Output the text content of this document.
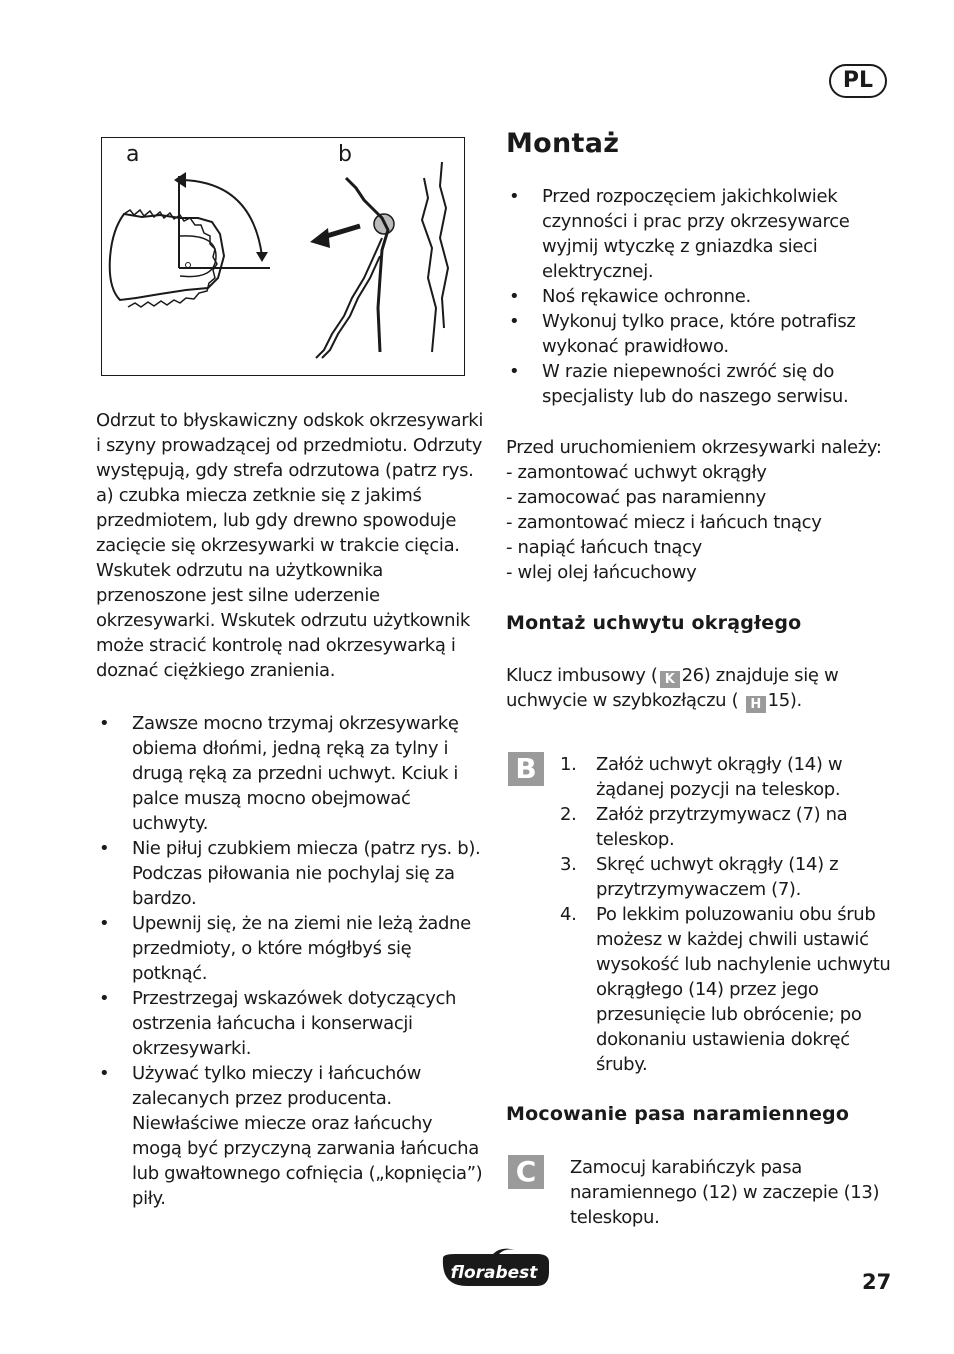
PL
a	b

Odrzut to błyskawiczny odskok okrzesywarki i szyny prowadzącej od przedmiotu. Odrzuty występują, gdy strefa odrzutowa (patrz rys. a) czubka miecza zetknie się z jakimś przedmiotem, lub gdy drewno spowoduje zacięcie się okrzesywarki w trakcie cięcia. Wskutek odrzutu na użytkownika przenoszone jest silne uderzenie okrzesywarki. Wskutek odrzutu użytkownik może stracić kontrolę nad okrzesywarką i doznać ciężkiego zranienia.

• Zawsze mocno trzymaj okrzesywarkę obiema dłońmi, jedną ręką za tylny i drugą ręką za przedni uchwyt. Kciuk i palce muszą mocno obejmować uchwyty.
• Nie piłuj czubkiem miecza (patrz rys. b). Podczas piłowania nie pochylaj się za bardzo.
• Upewnij się, że na ziemi nie leżą żadne przedmioty, o które mógłbyś się potknąć.
• Przestrzegaj wskazówek dotyczących ostrzenia łańcucha i konserwacji okrzesywarki.
• Używać tylko mieczy i łańcuchów zalecanych przez producenta. Niewłaściwe miecze oraz łańcuchy mogą być przyczyną zarwania łańcucha lub gwałtownego cofnięcia („kopnięcia”) piły.
Montaż
• Przed rozpoczęciem jakichkolwiek czynności i prac przy okrzesywarce wyjmij wtyczkę z gniazdka sieci elektrycznej.
• Noś rękawice ochronne.
• Wykonuj tylko prace, które potrafisz wykonać prawidłowo.
• W razie niepewności zwróć się do specjalisty lub do naszego serwisu.

Przed uruchomieniem okrzesywarki należy:

- zamontować uchwyt okrągły

- zamocować pas naramienny

- zamontować miecz i łańcuch tnący

- napiąć łańcuch tnący

- wlej olej łańcuchowy

Montaż uchwytu okrągłego

Klucz imbusowy ( K 26) znajduje się w uchwycie w szybkozłączu ( H 15).

B	1. Załóż uchwyt okrągły (14) w żądanej pozycji na teleskop.
2. Załóż przytrzymywacz (7) na teleskop.
3. Skręć uchwyt okrągły (14) z przytrzymywaczem (7).
4. Po lekkim poluzowaniu obu śrub możesz w każdej chwili ustawić wysokość lub nachylenie uchwytu okrągłego (14) przez jego przesunięcie lub obrócenie; po dokonaniu ustawienia dokręć śruby.
Mocowanie pasa naramiennego
C	Zamocuj karabińczyk pasa naramiennego (12) w zaczepie (13) teleskopu.

florabest	27
